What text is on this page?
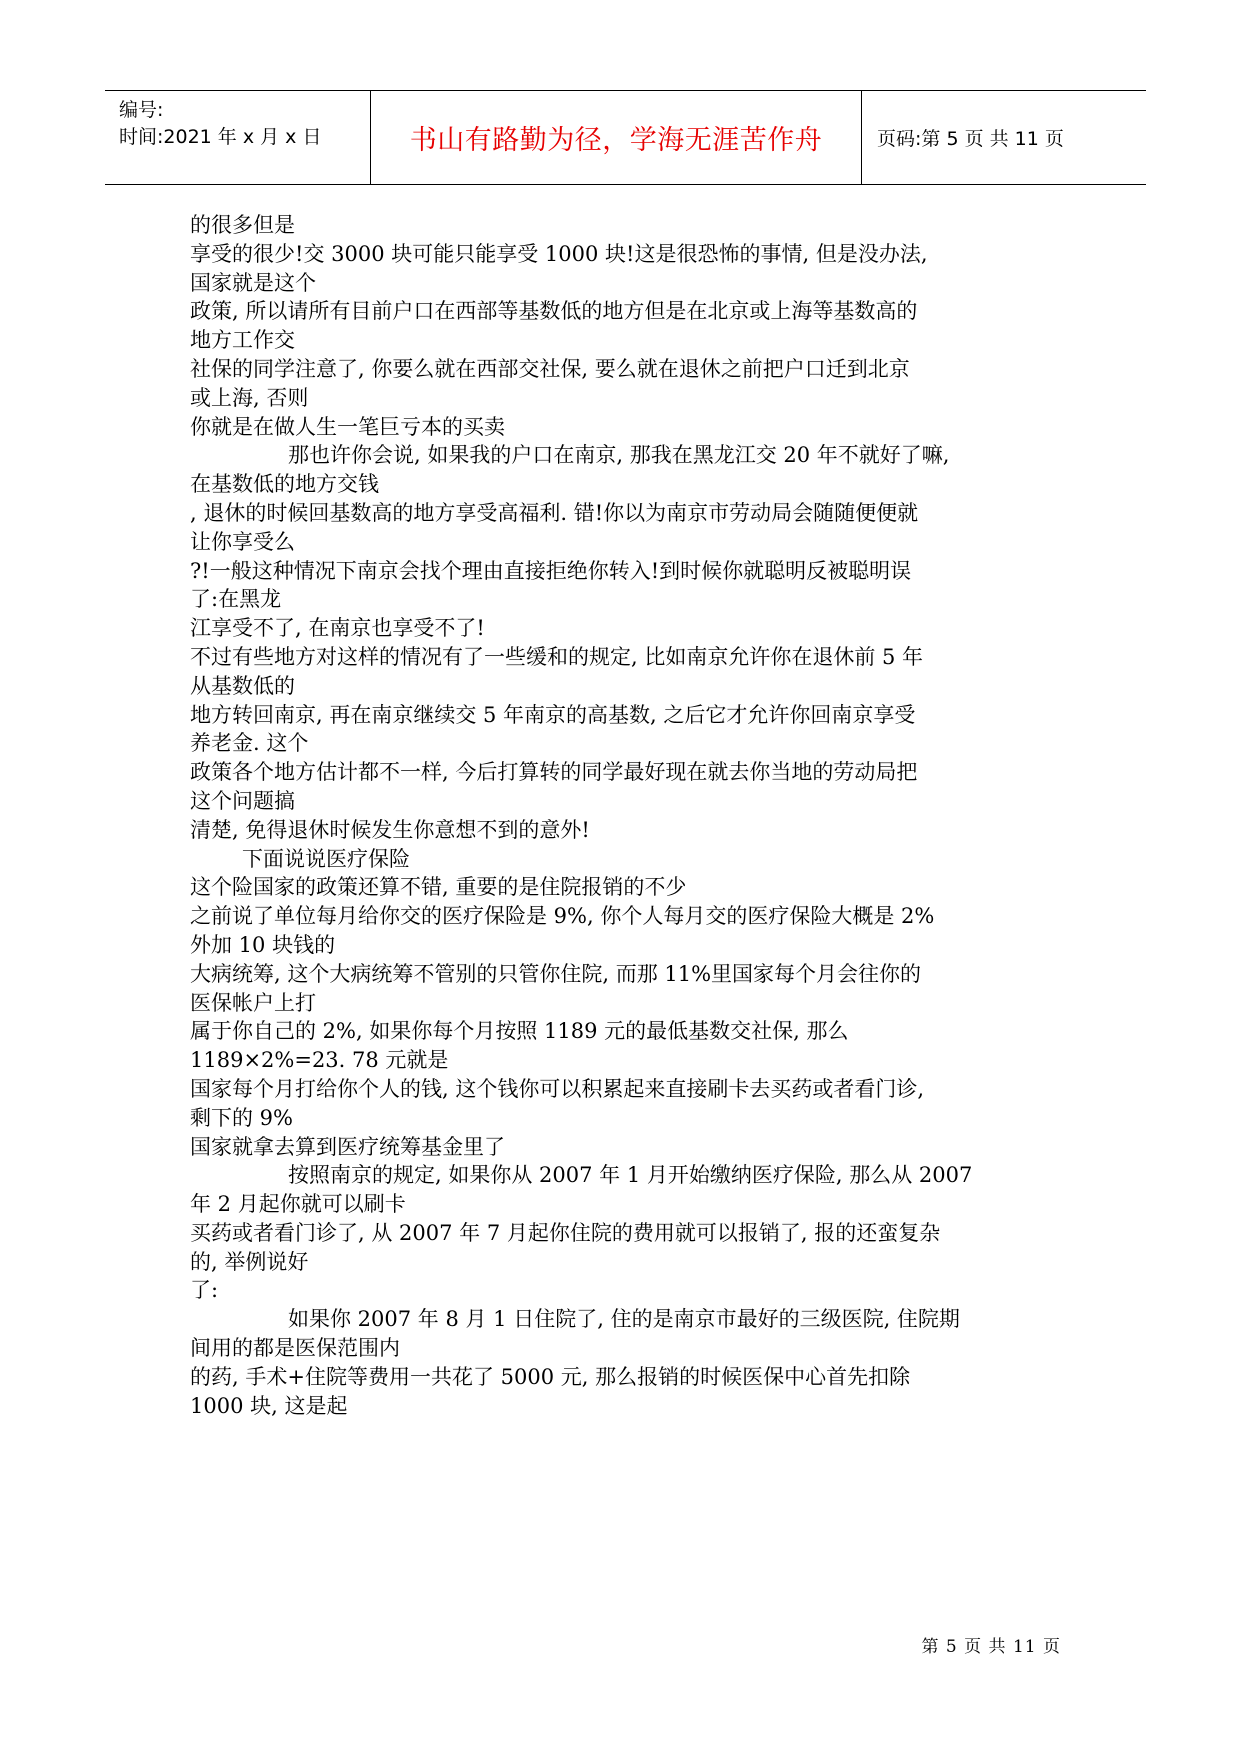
编号:
时间:2021 年 x 月 x 日	书山有路勤为径，学海无涯苦作舟	页码:第 5 页 共 11 页
的很多但是
享受的很少!交 3000 块可能只能享受 1000 块!这是很恐怖的事情, 但是没办法,
国家就是这个
政策, 所以请所有目前户口在西部等基数低的地方但是在北京或上海等基数高的
地方工作交
社保的同学注意了, 你要么就在西部交社保, 要么就在退休之前把户口迁到北京
或上海, 否则
你就是在做人生一笔巨亏本的买卖
那也许你会说, 如果我的户口在南京, 那我在黑龙江交 20 年不就好了嘛,
在基数低的地方交钱
, 退休的时候回基数高的地方享受高福利. 错!你以为南京市劳动局会随随便便就
让你享受么
?!一般这种情况下南京会找个理由直接拒绝你转入!到时候你就聪明反被聪明误
了:在黑龙
江享受不了, 在南京也享受不了!
不过有些地方对这样的情况有了一些缓和的规定, 比如南京允许你在退休前 5 年
从基数低的
地方转回南京, 再在南京继续交 5 年南京的高基数, 之后它才允许你回南京享受
养老金. 这个
政策各个地方估计都不一样, 今后打算转的同学最好现在就去你当地的劳动局把
这个问题搞
清楚, 免得退休时候发生你意想不到的意外!
下面说说医疗保险
这个险国家的政策还算不错, 重要的是住院报销的不少
之前说了单位每月给你交的医疗保险是 9%, 你个人每月交的医疗保险大概是 2%
外加 10 块钱的
大病统筹, 这个大病统筹不管别的只管你住院, 而那 11%里国家每个月会往你的
医保帐户上打
属于你自己的 2%, 如果你每个月按照 1189 元的最低基数交社保, 那么
1189×2%=23. 78 元就是
国家每个月打给你个人的钱, 这个钱你可以积累起来直接刷卡去买药或者看门诊,
剩下的 9%
国家就拿去算到医疗统筹基金里了
按照南京的规定, 如果你从 2007 年 1 月开始缴纳医疗保险, 那么从 2007
年 2 月起你就可以刷卡
买药或者看门诊了, 从 2007 年 7 月起你住院的费用就可以报销了, 报的还蛮复杂
的, 举例说好
了:
如果你 2007 年 8 月 1 日住院了, 住的是南京市最好的三级医院, 住院期
间用的都是医保范围内
的药, 手术+住院等费用一共花了 5000 元, 那么报销的时候医保中心首先扣除
1000 块, 这是起
第 5 页 共 11 页
